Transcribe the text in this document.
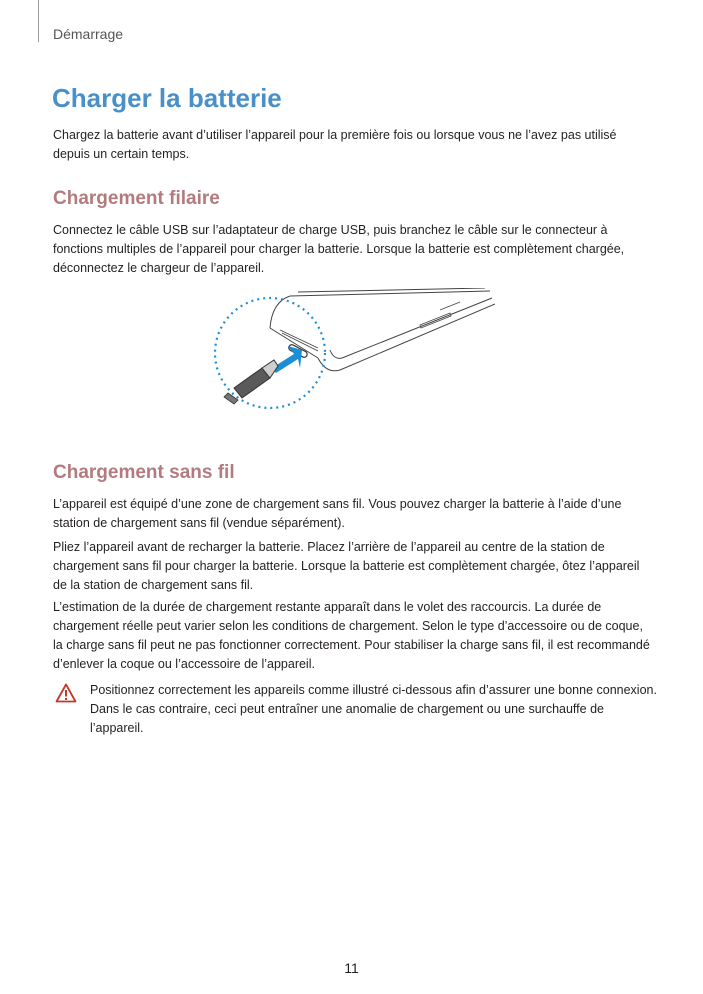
Démarrage
Charger la batterie

Chargez la batterie avant d’utiliser l’appareil pour la première fois ou lorsque vous ne l’avez pas utilisé depuis un certain temps.

Chargement filaire

Connectez le câble USB sur l’adaptateur de charge USB, puis branchez le câble sur le connecteur à fonctions multiples de l’appareil pour charger la batterie. Lorsque la batterie est complètement chargée, déconnectez le chargeur de l’appareil.

Chargement sans fil

L’appareil est équipé d’une zone de chargement sans fil. Vous pouvez charger la batterie à l’aide d’une station de chargement sans fil (vendue séparément).

Pliez l’appareil avant de recharger la batterie. Placez l’arrière de l’appareil au centre de la station de chargement sans fil pour charger la batterie. Lorsque la batterie est complètement chargée, ôtez l’appareil de la station de chargement sans fil.

L’estimation de la durée de chargement restante apparaît dans le volet des raccourcis. La durée de chargement réelle peut varier selon les conditions de chargement. Selon le type d’accessoire ou de coque, la charge sans fil peut ne pas fonctionner correctement. Pour stabiliser la charge sans fil, il est recommandé d’enlever la coque ou l’accessoire de l’appareil.

Positionnez correctement les appareils comme illustré ci-dessous afin d’assurer une bonne connexion. Dans le cas contraire, ceci peut entraîner une anomalie de chargement ou une surchauffe de l’appareil.

11
